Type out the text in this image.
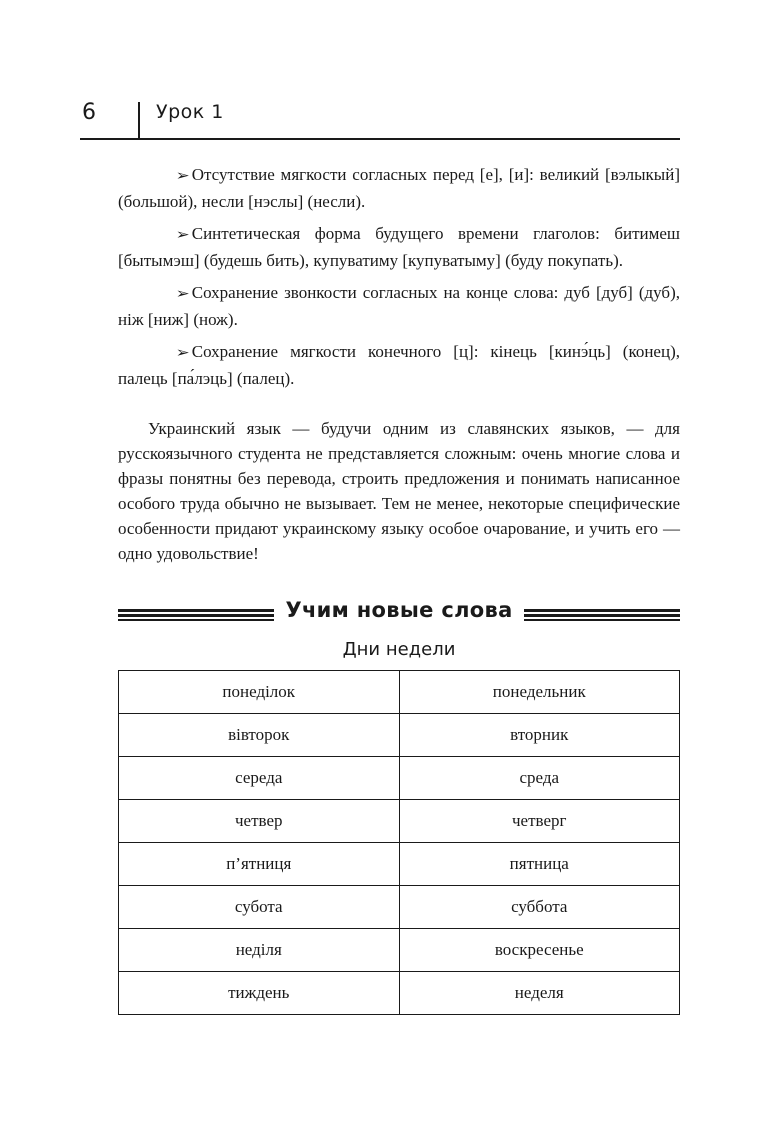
6	Урок 1

➢ Отсутствие мягкости согласных перед [е], [и]: великий [вэлыкый] (большой), несли [нэслы] (несли).

➢ Синтетическая форма будущего времени глаголов: битимеш [бытымэш] (будешь бить), купуватиму [купуватыму] (буду покупать).

➢ Сохранение звонкости согласных на конце слова: дуб [дуб] (дуб), ніж [ниж] (нож).

➢ Сохранение мягкости конечного [ц]: кінець [кинэ́ць] (конец), палець [па́лэць] (палец).

Украинский язык — будучи одним из славянских языков, — для русскоязычного студента не представляется сложным: очень многие слова и фразы понятны без перевода, строить предложения и понимать написанное особого труда обычно не вызывает. Тем не менее, некоторые специфические особенности придают украинскому языку особое очарование, и учить его — одно удовольствие!

Учим новые слова
Дни недели
понеділок	понедельник
вівторок	вторник
середа	среда
четвер	четверг
п’ятниця	пятница
субота	суббота
неділя	воскресенье
тиждень	неделя
